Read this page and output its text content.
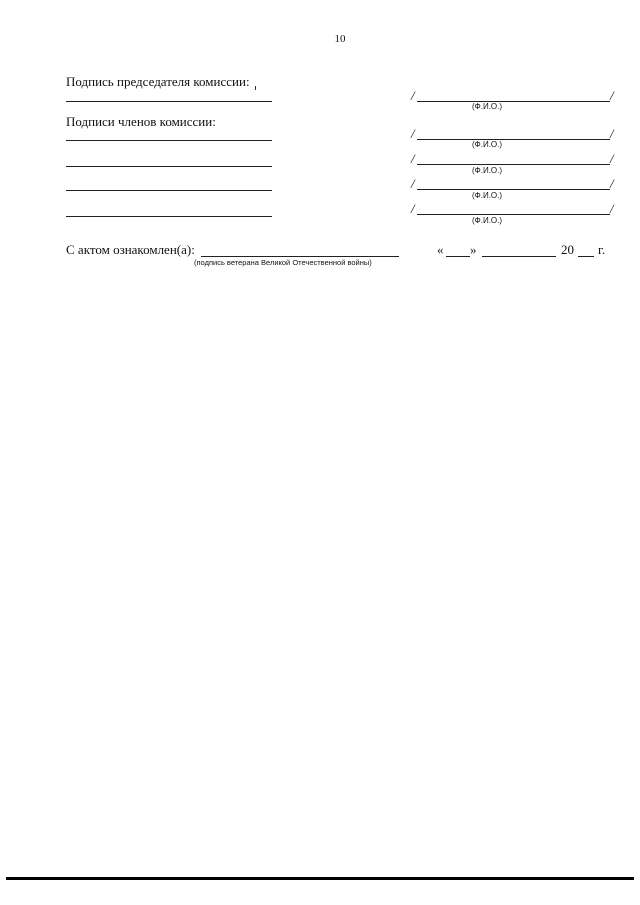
10
Подпись председателя комиссии:
/	/
(Ф.И.О.)
Подписи членов комиссии:
/	/
(Ф.И.О.)
/	/
(Ф.И.О.)
/	/
(Ф.И.О.)
/	/
(Ф.И.О.)
С актом ознакомлен(а):
(подпись ветерана Великой Отечественной войны)
« »	20 г.
